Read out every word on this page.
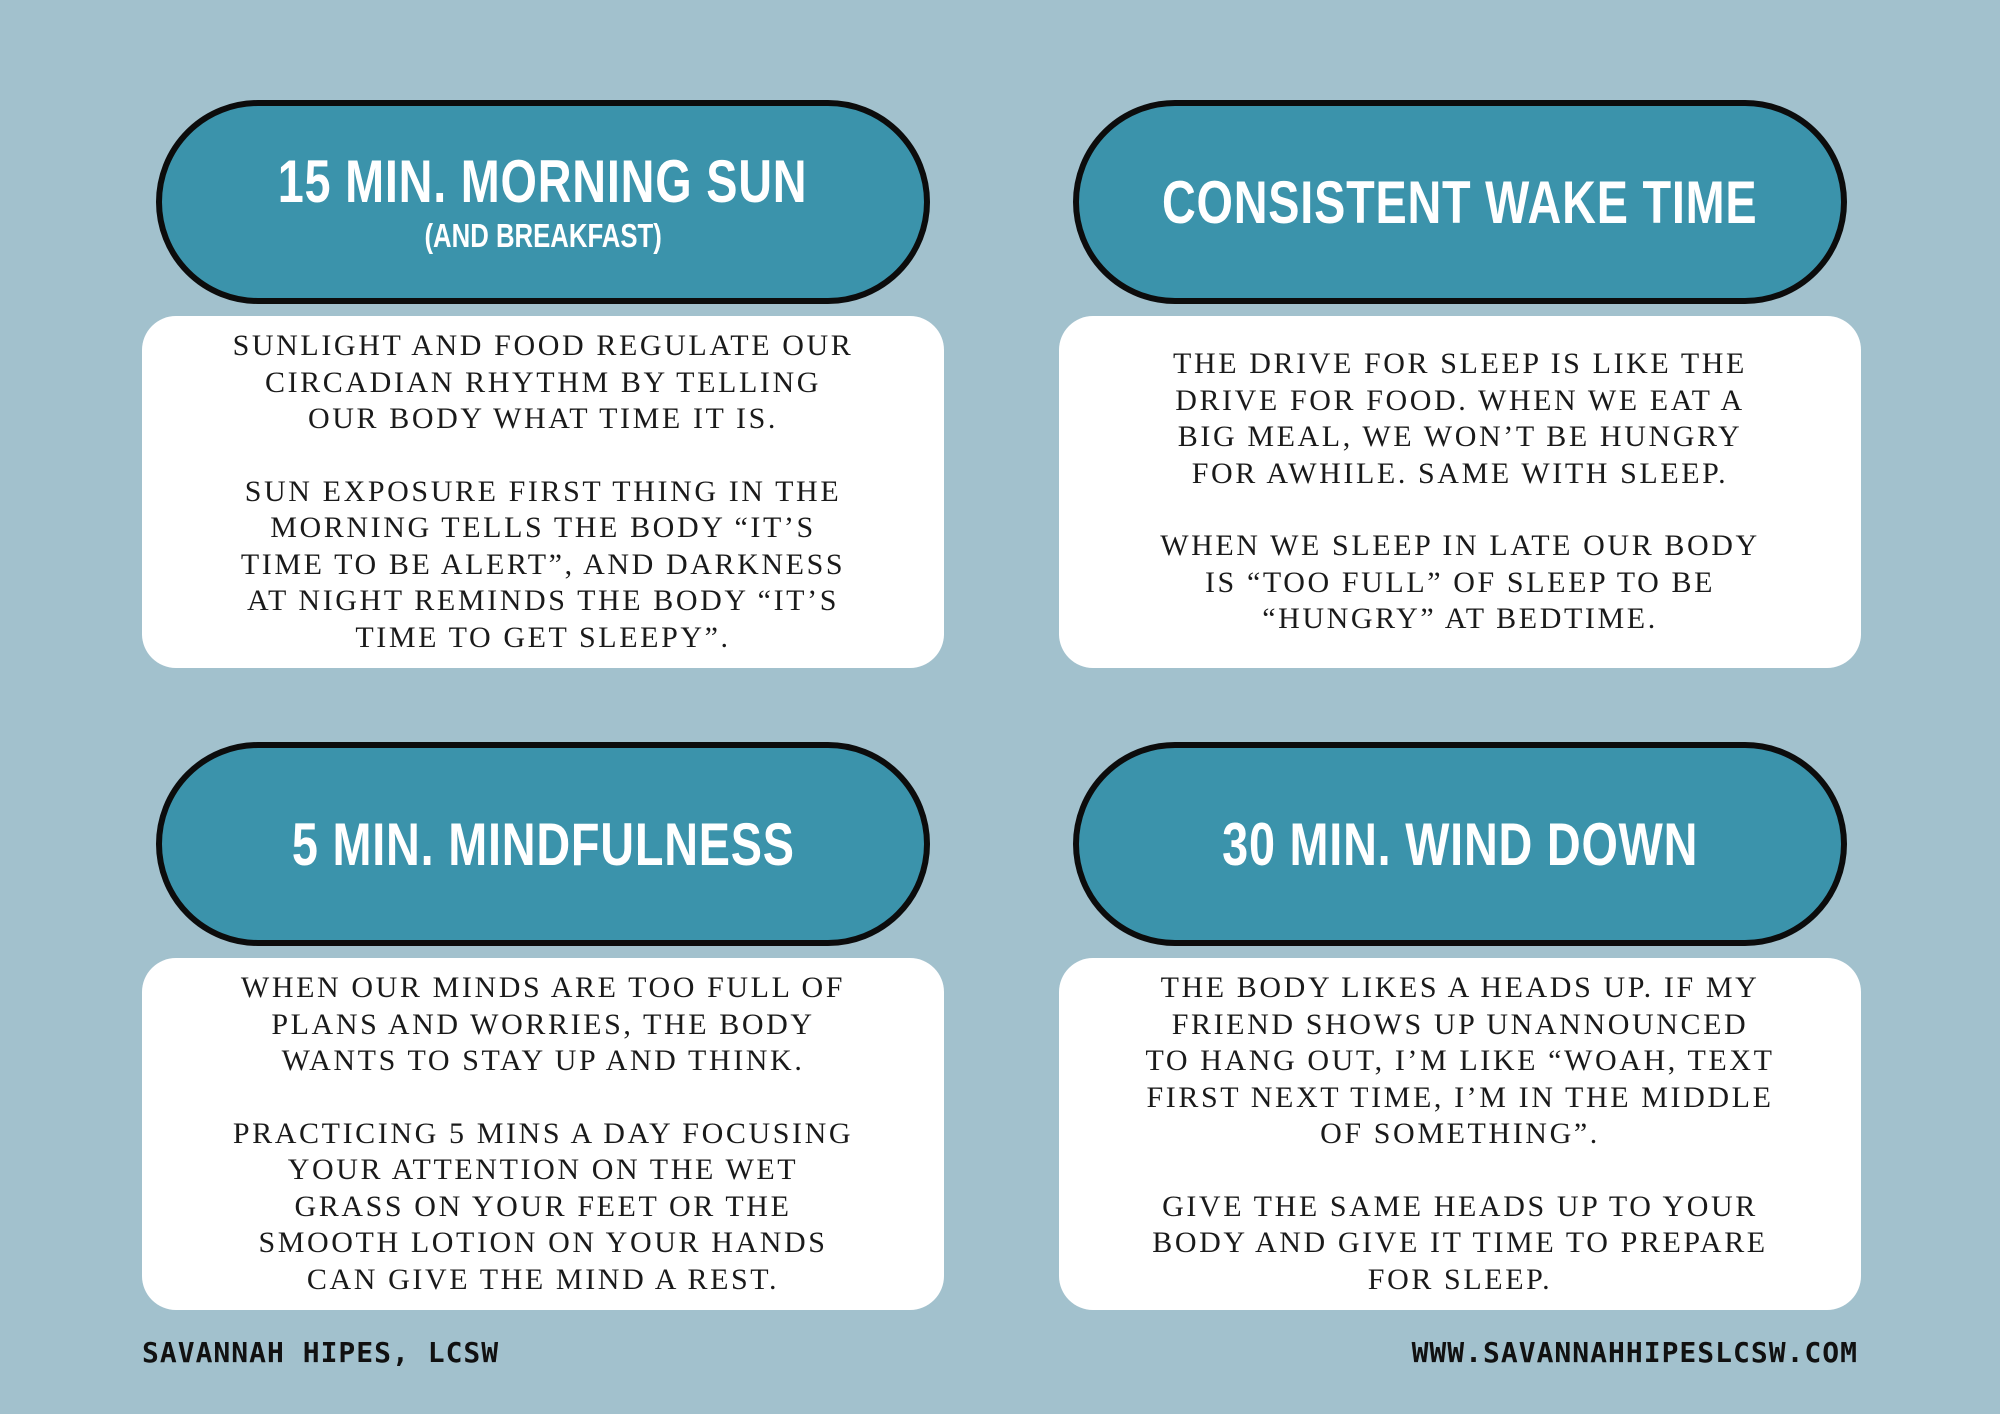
15 MIN. MORNING SUN
(AND BREAKFAST)

SUNLIGHT AND FOOD REGULATE OUR
CIRCADIAN RHYTHM BY TELLING
OUR BODY WHAT TIME IT IS.

SUN EXPOSURE FIRST THING IN THE
MORNING TELLS THE BODY “IT’S
TIME TO BE ALERT”, AND DARKNESS
AT NIGHT REMINDS THE BODY “IT’S
TIME TO GET SLEEPY”.

CONSISTENT WAKE TIME

THE DRIVE FOR SLEEP IS LIKE THE
DRIVE FOR FOOD. WHEN WE EAT A
BIG MEAL, WE WON’T BE HUNGRY
FOR AWHILE. SAME WITH SLEEP.

WHEN WE SLEEP IN LATE OUR BODY
IS “TOO FULL” OF SLEEP TO BE
“HUNGRY” AT BEDTIME.

5 MIN. MINDFULNESS

WHEN OUR MINDS ARE TOO FULL OF
PLANS AND WORRIES, THE BODY
WANTS TO STAY UP AND THINK.

PRACTICING 5 MINS A DAY FOCUSING
YOUR ATTENTION ON THE WET
GRASS ON YOUR FEET OR THE
SMOOTH LOTION ON YOUR HANDS
CAN GIVE THE MIND A REST.

30 MIN. WIND DOWN

THE BODY LIKES A HEADS UP. IF MY
FRIEND SHOWS UP UNANNOUNCED
TO HANG OUT, I’M LIKE “WOAH, TEXT
FIRST NEXT TIME, I’M IN THE MIDDLE
OF SOMETHING”.

GIVE THE SAME HEADS UP TO YOUR
BODY AND GIVE IT TIME TO PREPARE
FOR SLEEP.

SAVANNAH HIPES, LCSW	WWW.SAVANNAHHIPESLCSW.COM
